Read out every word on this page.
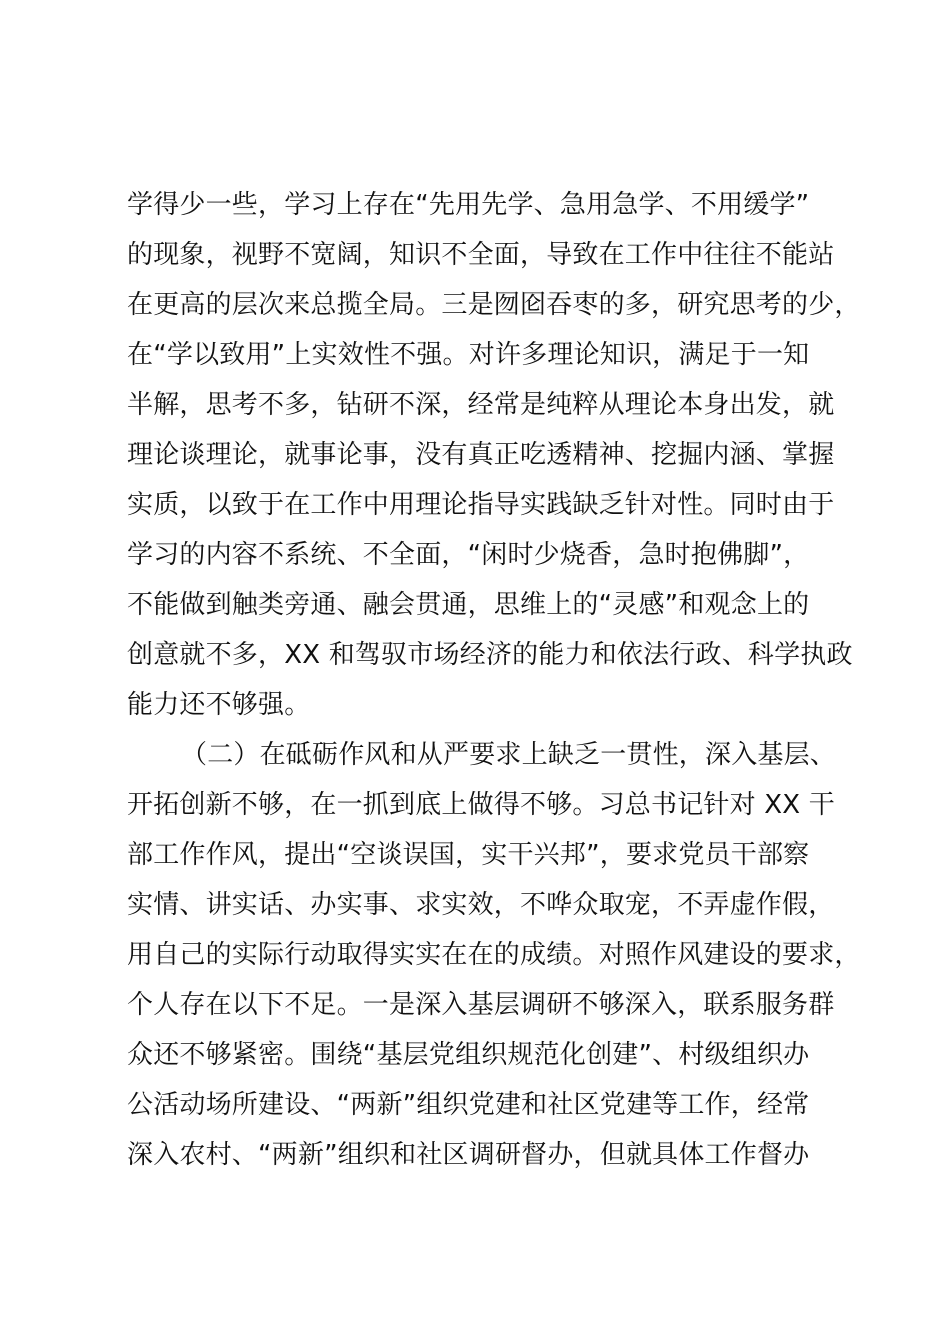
学得少一些，学习上存在“先用先学、急用急学、不用缓学”
的现象，视野不宽阔，知识不全面，导致在工作中往往不能站
在更高的层次来总揽全局。三是囫囵吞枣的多，研究思考的少，
在“学以致用”上实效性不强。对许多理论知识，满足于一知
半解，思考不多，钻研不深，经常是纯粹从理论本身出发，就
理论谈理论，就事论事，没有真正吃透精神、挖掘内涵、掌握
实质，以致于在工作中用理论指导实践缺乏针对性。同时由于
学习的内容不系统、不全面，“闲时少烧香，急时抱佛脚”，
不能做到触类旁通、融会贯通，思维上的“灵感”和观念上的
创意就不多，XX 和驾驭市场经济的能力和依法行政、科学执政
能力还不够强。
（二）在砥砺作风和从严要求上缺乏一贯性，深入基层、
开拓创新不够，在一抓到底上做得不够。习总书记针对 XX 干
部工作作风，提出“空谈误国，实干兴邦”，要求党员干部察
实情、讲实话、办实事、求实效，不哗众取宠，不弄虚作假，
用自己的实际行动取得实实在在的成绩。对照作风建设的要求，
个人存在以下不足。一是深入基层调研不够深入，联系服务群
众还不够紧密。围绕“基层党组织规范化创建”、村级组织办
公活动场所建设、“两新”组织党建和社区党建等工作，经常
深入农村、“两新”组织和社区调研督办，但就具体工作督办
